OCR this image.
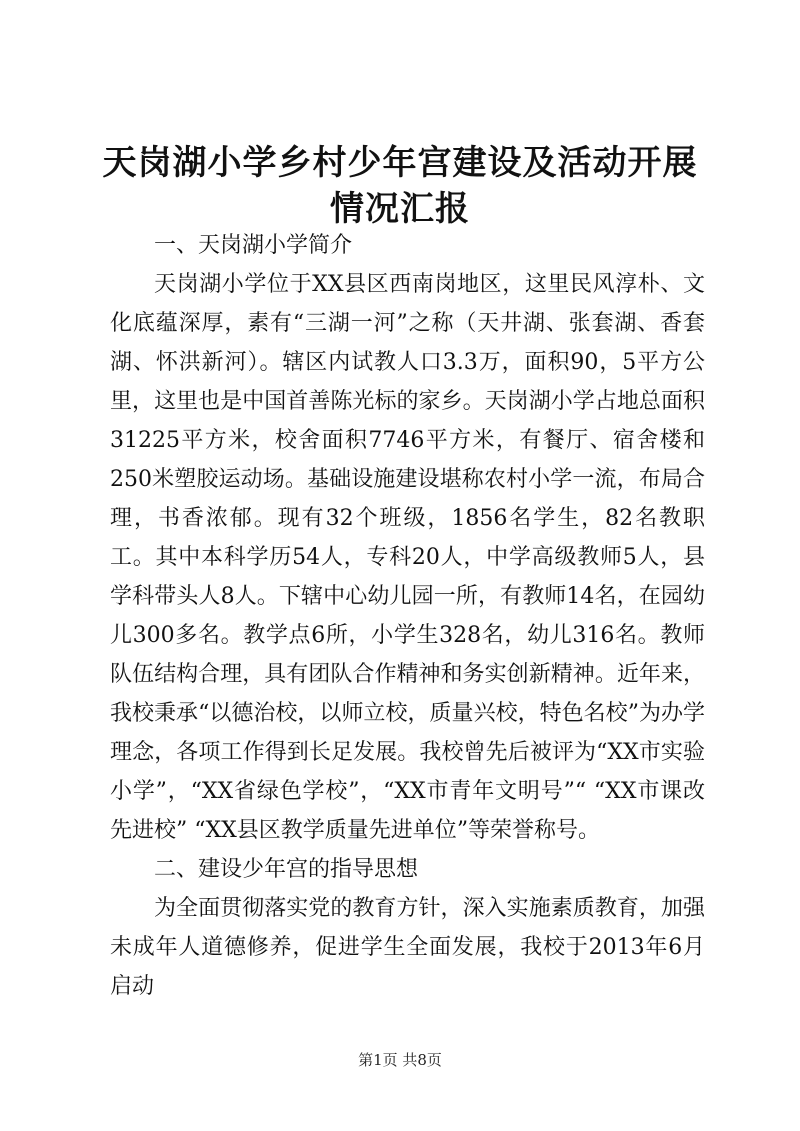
天岗湖小学乡村少年宫建设及活动开展情况汇报

一、天岗湖小学简介

天岗湖小学位于XX县区西南岗地区，这里民风淳朴、文化底蕴深厚，素有“三湖一河”之称（天井湖、张套湖、香套湖、怀洪新河）。辖区内试教人口3.3万，面积90，5平方公里，这里也是中国首善陈光标的家乡。天岗湖小学占地总面积31225平方米，校舍面积7746平方米，有餐厅、宿舍楼和250米塑胶运动场。基础设施建设堪称农村小学一流，布局合理，书香浓郁。现有32个班级，1856名学生，82名教职工。其中本科学历54人，专科20人，中学高级教师5人，县学科带头人8人。下辖中心幼儿园一所，有教师14名，在园幼儿300多名。教学点6所，小学生328名，幼儿316名。教师队伍结构合理，具有团队合作精神和务实创新精神。近年来，我校秉承“以德治校，以师立校，质量兴校，特色名校”为办学理念，各项工作得到长足发展。我校曾先后被评为“XX市实验小学”，“XX省绿色学校”，“XX市青年文明号”“ “XX市课改先进校” “XX县区教学质量先进单位”等荣誉称号。

二、建设少年宫的指导思想

为全面贯彻落实党的教育方针，深入实施素质教育，加强未成年人道德修养，促进学生全面发展，我校于2013年6月启动

第1页 共8页
